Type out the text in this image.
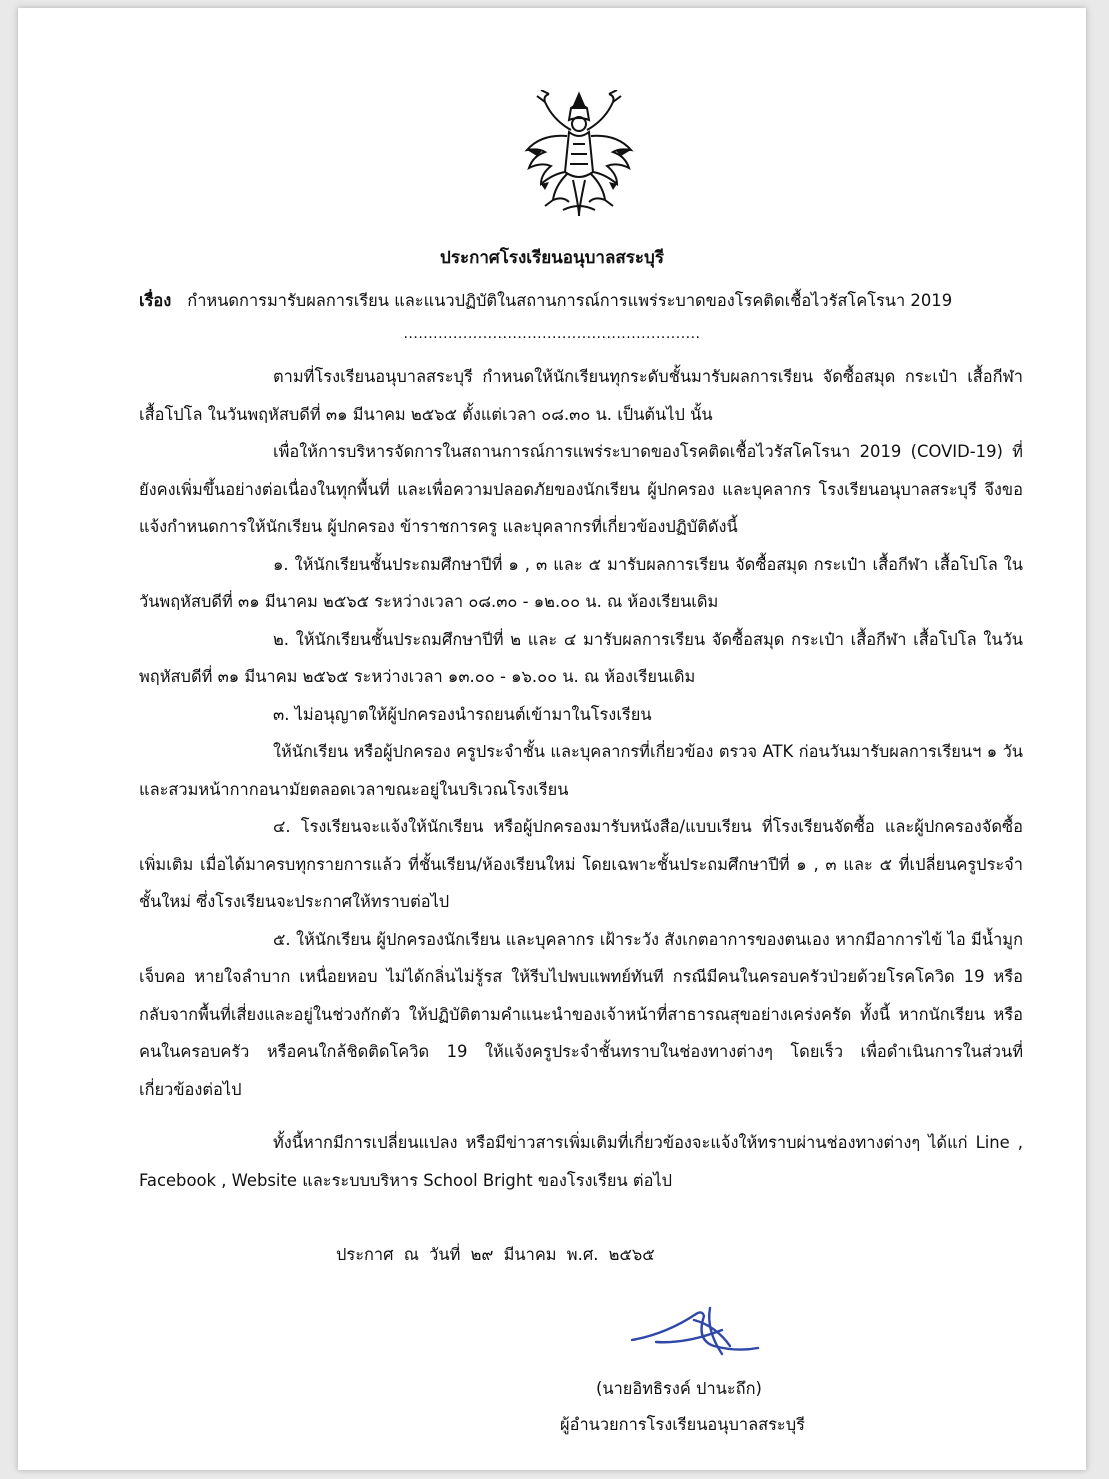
ประกาศโรงเรียนอนุบาลสระบุรี
เรื่อง กำหนดการมารับผลการเรียน และแนวปฏิบัติในสถานการณ์การแพร่ระบาดของโรคติดเชื้อไวรัสโคโรนา 2019
............................................................

ตามที่โรงเรียนอนุบาลสระบุรี กำหนดให้นักเรียนทุกระดับชั้นมารับผลการเรียน จัดซื้อสมุด กระเป๋า เสื้อกีฬา เสื้อโปโล ในวันพฤหัสบดีที่ ๓๑ มีนาคม ๒๕๖๕ ตั้งแต่เวลา ๐๘.๓๐ น. เป็นต้นไป นั้น

เพื่อให้การบริหารจัดการในสถานการณ์การแพร่ระบาดของโรคติดเชื้อไวรัสโคโรนา 2019 (COVID-19) ที่ยังคงเพิ่มขึ้นอย่างต่อเนื่องในทุกพื้นที่ และเพื่อความปลอดภัยของนักเรียน ผู้ปกครอง และบุคลากร โรงเรียนอนุบาลสระบุรี จึงขอแจ้งกำหนดการให้นักเรียน ผู้ปกครอง ข้าราชการครู และบุคลากรที่เกี่ยวข้องปฏิบัติดังนี้

๑. ให้นักเรียนชั้นประถมศึกษาปีที่ ๑ , ๓ และ ๕ มารับผลการเรียน จัดซื้อสมุด กระเป๋า เสื้อกีฬา เสื้อโปโล ในวันพฤหัสบดีที่ ๓๑ มีนาคม ๒๕๖๕ ระหว่างเวลา ๐๘.๓๐ - ๑๒.๐๐ น. ณ ห้องเรียนเดิม

๒. ให้นักเรียนชั้นประถมศึกษาปีที่ ๒ และ ๔ มารับผลการเรียน จัดซื้อสมุด กระเป๋า เสื้อกีฬา เสื้อโปโล ในวันพฤหัสบดีที่ ๓๑ มีนาคม ๒๕๖๕ ระหว่างเวลา ๑๓.๐๐ - ๑๖.๐๐ น. ณ ห้องเรียนเดิม

๓. ไม่อนุญาตให้ผู้ปกครองนำรถยนต์เข้ามาในโรงเรียน

ให้นักเรียน หรือผู้ปกครอง ครูประจำชั้น และบุคลากรที่เกี่ยวข้อง ตรวจ ATK ก่อนวันมารับผลการเรียนฯ ๑ วัน และสวมหน้ากากอนามัยตลอดเวลาขณะอยู่ในบริเวณโรงเรียน

๔. โรงเรียนจะแจ้งให้นักเรียน หรือผู้ปกครองมารับหนังสือ/แบบเรียน ที่โรงเรียนจัดซื้อ และผู้ปกครองจัดซื้อเพิ่มเติม เมื่อได้มาครบทุกรายการแล้ว ที่ชั้นเรียน/ห้องเรียนใหม่ โดยเฉพาะชั้นประถมศึกษาปีที่ ๑ , ๓ และ ๕ ที่เปลี่ยนครูประจำชั้นใหม่ ซึ่งโรงเรียนจะประกาศให้ทราบต่อไป

๕. ให้นักเรียน ผู้ปกครองนักเรียน และบุคลากร เฝ้าระวัง สังเกตอาการของตนเอง หากมีอาการไข้ ไอ มีน้ำมูก เจ็บคอ หายใจลำบาก เหนื่อยหอบ ไม่ได้กลิ่นไม่รู้รส ให้รีบไปพบแพทย์ทันที กรณีมีคนในครอบครัวป่วยด้วยโรคโควิด 19 หรือกลับจากพื้นที่เสี่ยงและอยู่ในช่วงกักตัว ให้ปฏิบัติตามคำแนะนำของเจ้าหน้าที่สาธารณสุขอย่างเคร่งครัด ทั้งนี้ หากนักเรียน หรือคนในครอบครัว หรือคนใกล้ชิดติดโควิด 19 ให้แจ้งครูประจำชั้นทราบในช่องทางต่างๆ โดยเร็ว เพื่อดำเนินการในส่วนที่เกี่ยวข้องต่อไป

ทั้งนี้หากมีการเปลี่ยนแปลง หรือมีข่าวสารเพิ่มเติมที่เกี่ยวข้องจะแจ้งให้ทราบผ่านช่องทางต่างๆ ได้แก่ Line , Facebook , Website และระบบบริหาร School Bright ของโรงเรียน ต่อไป

ประกาศ ณ วันที่ ๒๙ มีนาคม พ.ศ. ๒๕๖๕
(นายอิทธิรงค์ ปานะถึก)
ผู้อำนวยการโรงเรียนอนุบาลสระบุรี
